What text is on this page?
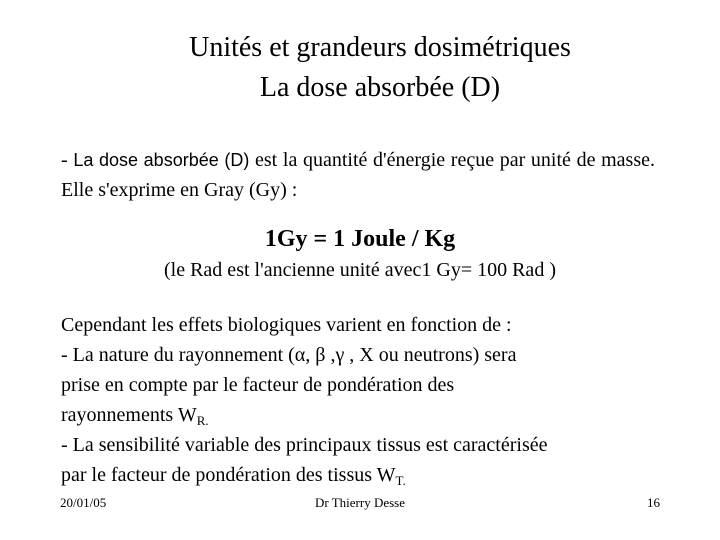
Unités et grandeurs dosimétriques
La dose absorbée (D)
- La dose absorbée (D) est la quantité d'énergie reçue par unité de masse. Elle s'exprime en Gray (Gy) :
1Gy = 1 Joule / Kg
(le Rad est l'ancienne unité avec1 Gy= 100 Rad )
Cependant les effets biologiques varient en fonction de :
- La nature du rayonnement (α, β ,γ , X ou neutrons) sera
prise en compte par le facteur de pondération des
rayonnements $W_{R.}$
- La sensibilité variable des principaux tissus est caractérisée
par le facteur de pondération des tissus $W_{T.}$
20/01/05	Dr Thierry Desse	16
